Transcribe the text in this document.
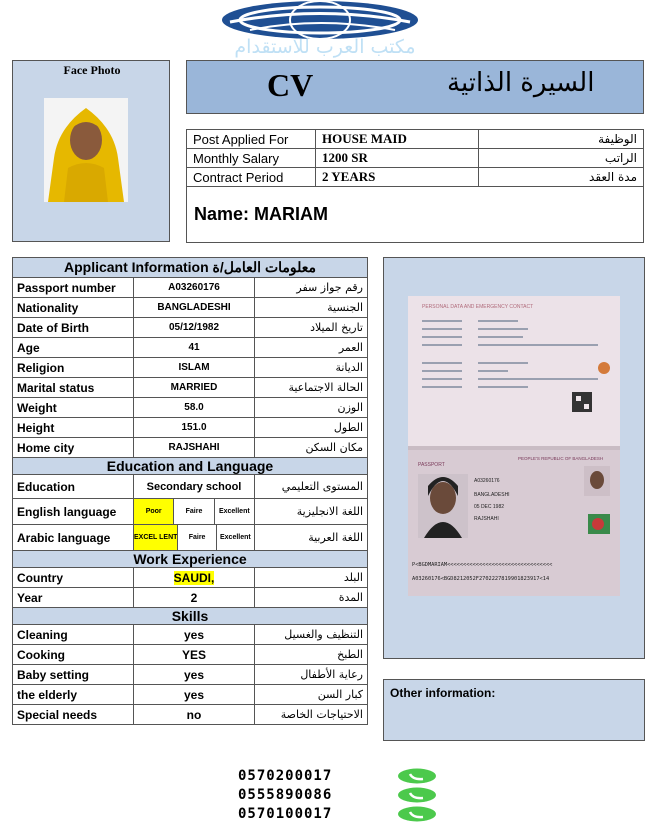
مكتب العرب للاستقدام
Face Photo	CV	السيرة الذاتية
Post Applied For	HOUSE MAID	الوظيفة
Monthly Salary	1200 SR	الراتب
Contract Period	2 YEARS	مدة العقد
Name: MARIAM
Applicant Information معلومات العامل/ة		
Passport number	A03260176	رقم جواز سفر
Nationality	BANGLADESHI	الجنسية
Date of Birth	05/12/1982	تاريخ الميلاد
Age	41	العمر
Religion	ISLAM	الديانة
Marital status	MARRIED	الحالة الاجتماعية
Weight	58.0	الوزن
Height	151.0	الطول
Home city	RAJSHAHI	مكان السكن
Education and Language		
Education	Secondary school	المستوى التعليمي
English language	Poor Faire Excellent	اللغة الانجليزية
Arabic language	EXCEL LENT Faire Excellent	اللغة العربية
Work Experience		
Country	SAUDI,	البلد
Year	2	المدة
Skills		
Cleaning	yes	التنظيف والغسيل
Cooking	YES	الطبخ
Baby setting	yes	رعاية الأطفال
the elderly	yes	كبار السن
Special needs	no	الاحتياجات الخاصة
PERSONAL DATA AND EMERGENCY CONTACT
PASSPORT
PEOPLE'S REPUBLIC OF BANGLADESH
A03260176
BANGLADESHI
05 DEC 1982
RAJSHAHI
P<BGDMARIAM<<<<<<<<<<<<<<<<<<<<<<<<<<<<<<<<<
A03260176<BGD8212052F2702227819901823917<14
Other information:
0570200017
0555890086
0570100017
